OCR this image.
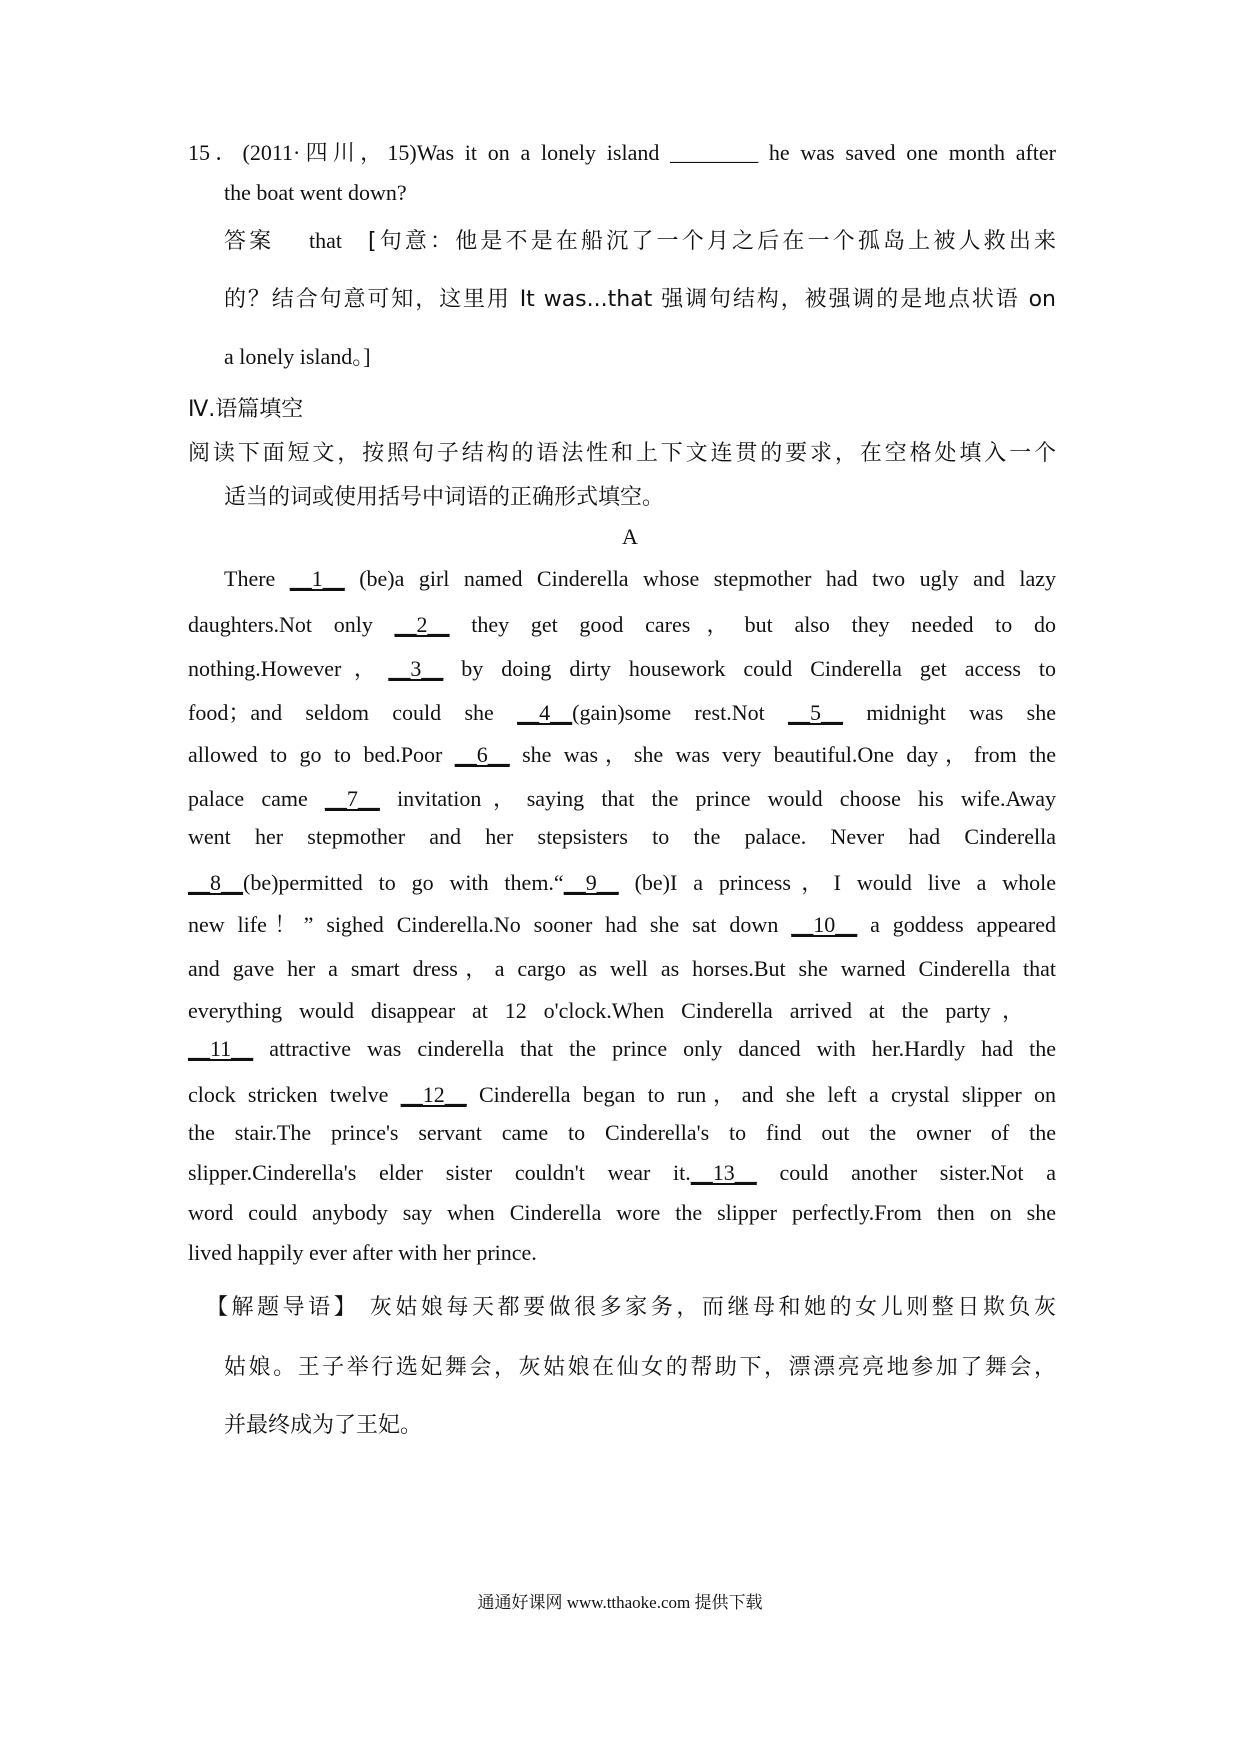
15．(2011·四川，15)Was it on a lonely island ________ he was saved one month after
the boat went down?
答案 that [句意：他是不是在船沉了一个月之后在一个孤岛上被人救出来
的？结合句意可知，这里用 It was...that 强调句结构，被强调的是地点状语 on
a lonely island。]
Ⅳ.语篇填空
阅读下面短文，按照句子结构的语法性和上下文连贯的要求，在空格处填入一个
适当的词或使用括号中词语的正确形式填空。
A
There __1__ (be)a girl named Cinderella whose stepmother had two ugly and lazy
daughters.Not only __2__ they get good cares，but also they needed to do
nothing.However，__3__ by doing dirty housework could Cinderella get access to
food；and seldom could she __4__(gain)some rest.Not __5__ midnight was she
allowed to go to bed.Poor __6__ she was，she was very beautiful.One day，from the
palace came __7__ invitation，saying that the prince would choose his wife.Away
went her stepmother and her stepsisters to the palace. Never had Cinderella
__8__(be)permitted to go with them.“__9__ (be)I a princess，I would live a whole
new life！” sighed Cinderella.No sooner had she sat down __10__ a goddess appeared
and gave her a smart dress，a cargo as well as horses.But she warned Cinderella that
everything would disappear at 12 o'clock.When Cinderella arrived at the party，
__11__ attractive was cinderella that the prince only danced with her.Hardly had the
clock stricken twelve __12__ Cinderella began to run，and she left a crystal slipper on
the stair.The prince's servant came to Cinderella's to find out the owner of the
slipper.Cinderella's elder sister couldn't wear it.__13__ could another sister.Not a
word could anybody say when Cinderella wore the slipper perfectly.From then on she
lived happily ever after with her prince.
【解题导语】 灰姑娘每天都要做很多家务，而继母和她的女儿则整日欺负灰
姑娘。王子举行选妃舞会，灰姑娘在仙女的帮助下，漂漂亮亮地参加了舞会，
并最终成为了王妃。
通通好课网 www.tthaoke.com 提供下载
